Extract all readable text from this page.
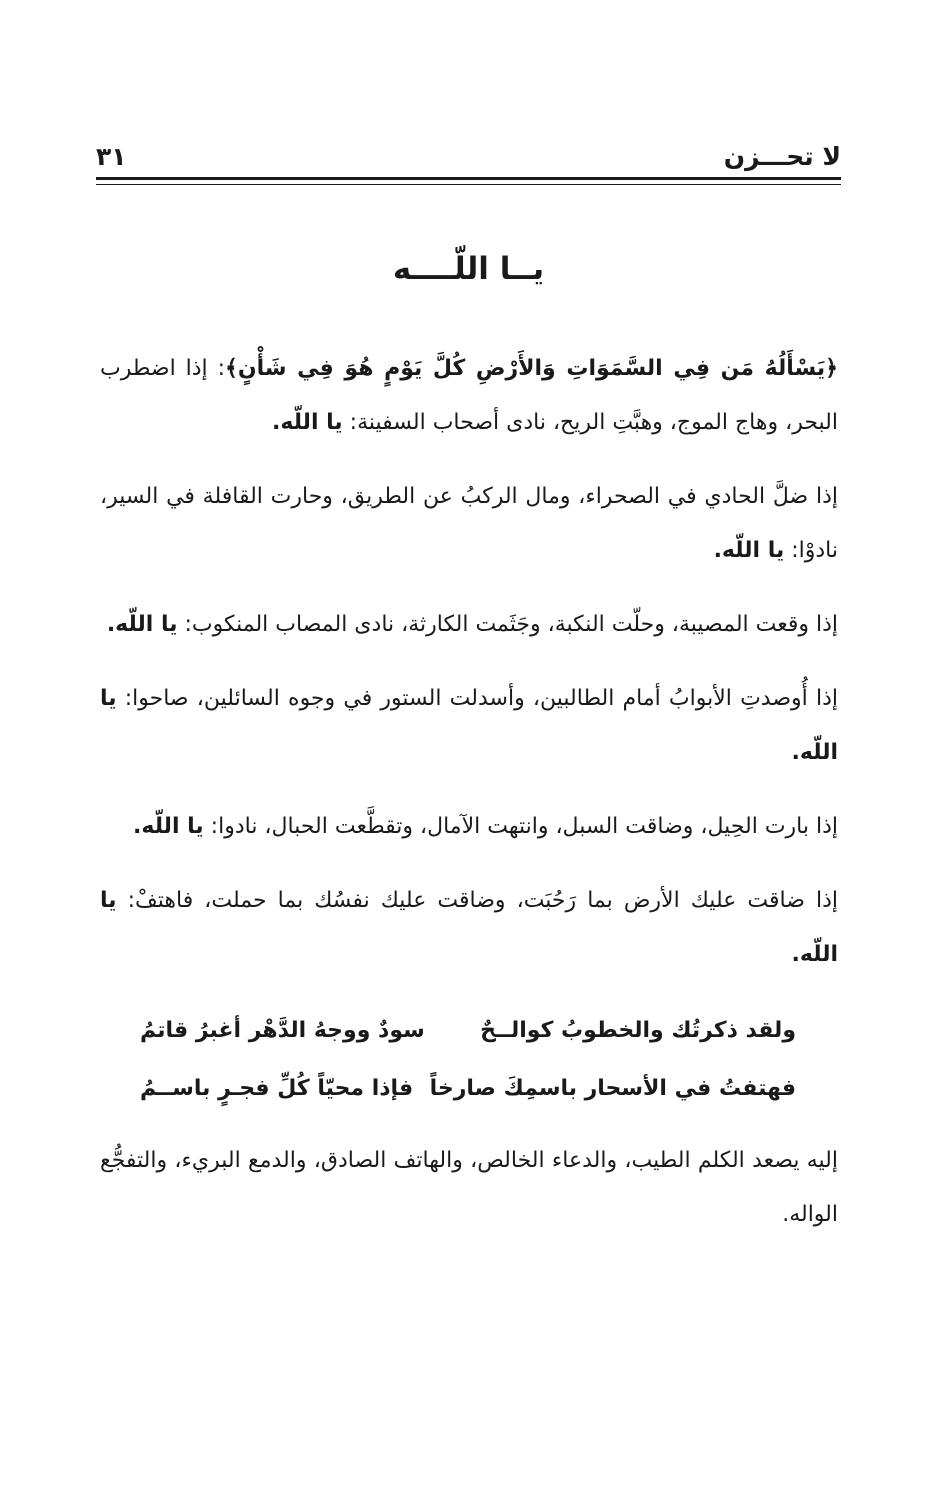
لا تحـــزن
٣١
يــا اللّــــه

﴿يَسْأَلُهُ مَن فِي السَّمَوَاتِ وَالأَرْضِ كُلَّ يَوْمٍ هُوَ فِي شَأْنٍ﴾: إذا اضطرب البحر، وهاج الموج، وهبَّتِ الريح، نادى أصحاب السفينة: يا اللّه.

إذا ضلَّ الحادي في الصحراء، ومال الركبُ عن الطريق، وحارت القافلة في السير، نادوْا: يا اللّه.

إذا وقعت المصيبة، وحلّت النكبة، وجَثَمت الكارثة، نادى المصاب المنكوب: يا اللّه.

إذا أُوصدتِ الأبوابُ أمام الطالبين، وأسدلت الستور في وجوه السائلين، صاحوا: يا اللّه.

إذا بارت الحِيل، وضاقت السبل، وانتهت الآمال، وتقطَّعت الحبال، نادوا: يا اللّه.

إذا ضاقت عليك الأرض بما رَحُبَت، وضاقت عليك نفسُك بما حملت، فاهتفْ: يا اللّه.

ولقد ذكرتُك والخطوبُ كوالــحٌ
سودٌ ووجهُ الدَّهْر أغبرُ قاتمُ
فهتفتُ في الأسحار باسمِكَ صارخاً
فإذا محيّاً كُلِّ فجـرٍ باســمُ

إليه يصعد الكلم الطيب، والدعاء الخالص، والهاتف الصادق، والدمع البريء، والتفجُّع الواله.
